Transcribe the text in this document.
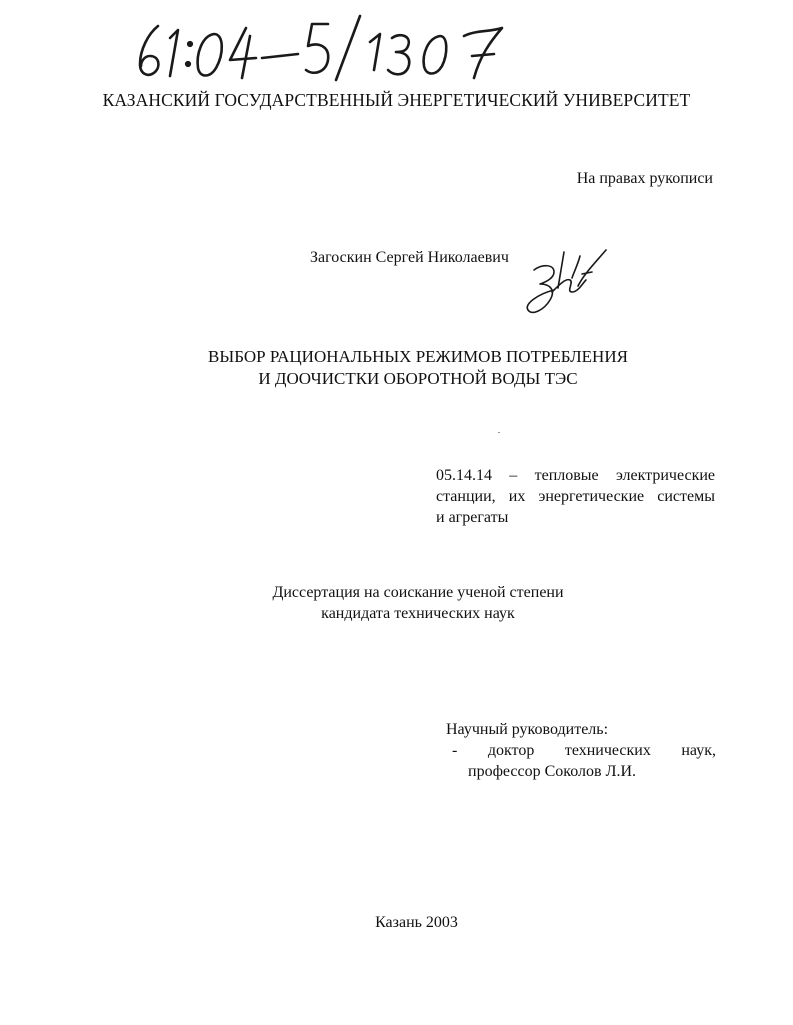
КАЗАНСКИЙ ГОСУДАРСТВЕННЫЙ ЭНЕРГЕТИЧЕСКИЙ УНИВЕРСИТЕТ
На правах рукописи
Загоскин Сергей Николаевич
ВЫБОР РАЦИОНАЛЬНЫХ РЕЖИМОВ ПОТРЕБЛЕНИЯ
И ДООЧИСТКИ ОБОРОТНОЙ ВОДЫ ТЭС
05.14.14 – тепловые электрические
станции, их энергетические системы
и агрегаты
Диссертация на соискание ученой степени
кандидата технических наук
Научный руководитель:
- доктор технических наук,
профессор Соколов Л.И.
Казань 2003
